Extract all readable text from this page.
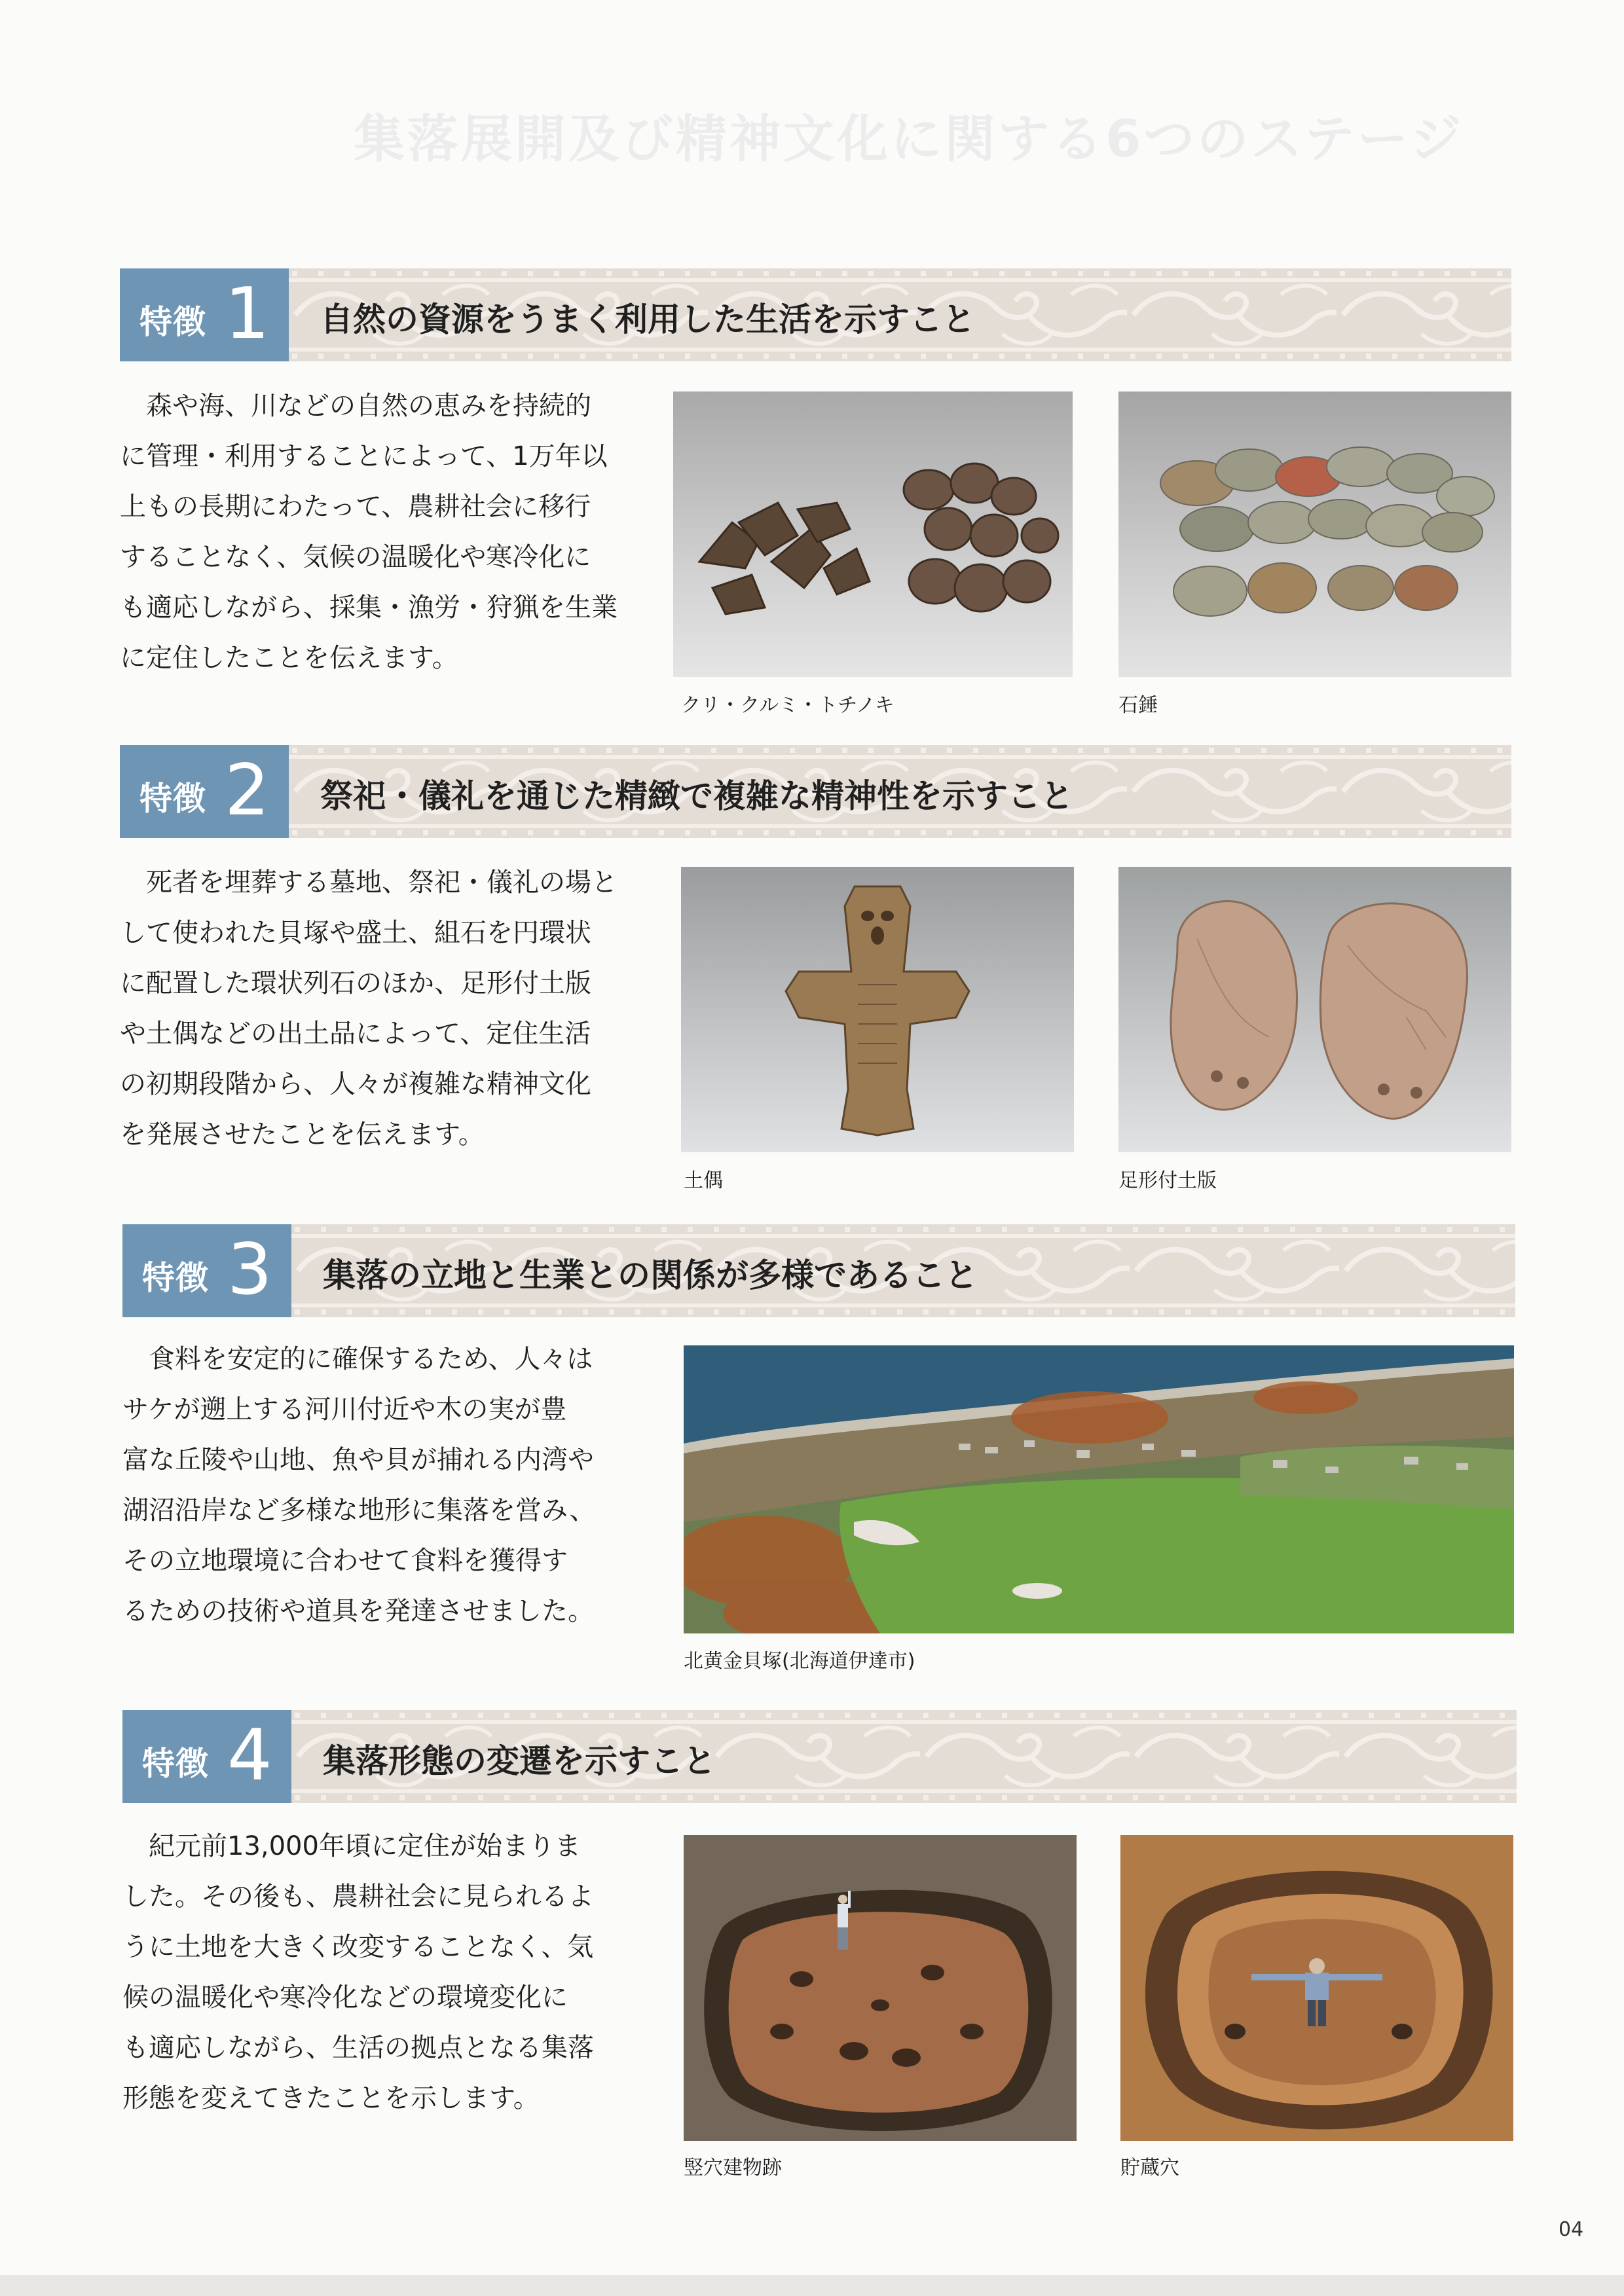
集落展開及び精神文化に関する6つのステージ
特徴 1 自然の資源をうまく利用した生活を示すこと
森や海、川などの自然の恵みを持続的
に管理・利用することによって、1万年以
上もの長期にわたって、農耕社会に移行
することなく、気候の温暖化や寒冷化に
も適応しながら、採集・漁労・狩猟を生業
に定住したことを伝えます。
クリ・クルミ・トチノキ	石錘
特徴 2 祭祀・儀礼を通じた精緻で複雑な精神性を示すこと
死者を埋葬する墓地、祭祀・儀礼の場と
して使われた貝塚や盛土、組石を円環状
に配置した環状列石のほか、足形付土版
や土偶などの出土品によって、定住生活
の初期段階から、人々が複雑な精神文化
を発展させたことを伝えます。
土偶	足形付土版
特徴 3 集落の立地と生業との関係が多様であること
食料を安定的に確保するため、人々は
サケが遡上する河川付近や木の実が豊
富な丘陵や山地、魚や貝が捕れる内湾や
湖沼沿岸など多様な地形に集落を営み、
その立地環境に合わせて食料を獲得す
るための技術や道具を発達させました。
北黄金貝塚(北海道伊達市)
特徴 4 集落形態の変遷を示すこと
紀元前13,000年頃に定住が始まりま
した。その後も、農耕社会に見られるよ
うに土地を大きく改変することなく、気
候の温暖化や寒冷化などの環境変化に
も適応しながら、生活の拠点となる集落
形態を変えてきたことを示します。
竪穴建物跡	貯蔵穴
04
